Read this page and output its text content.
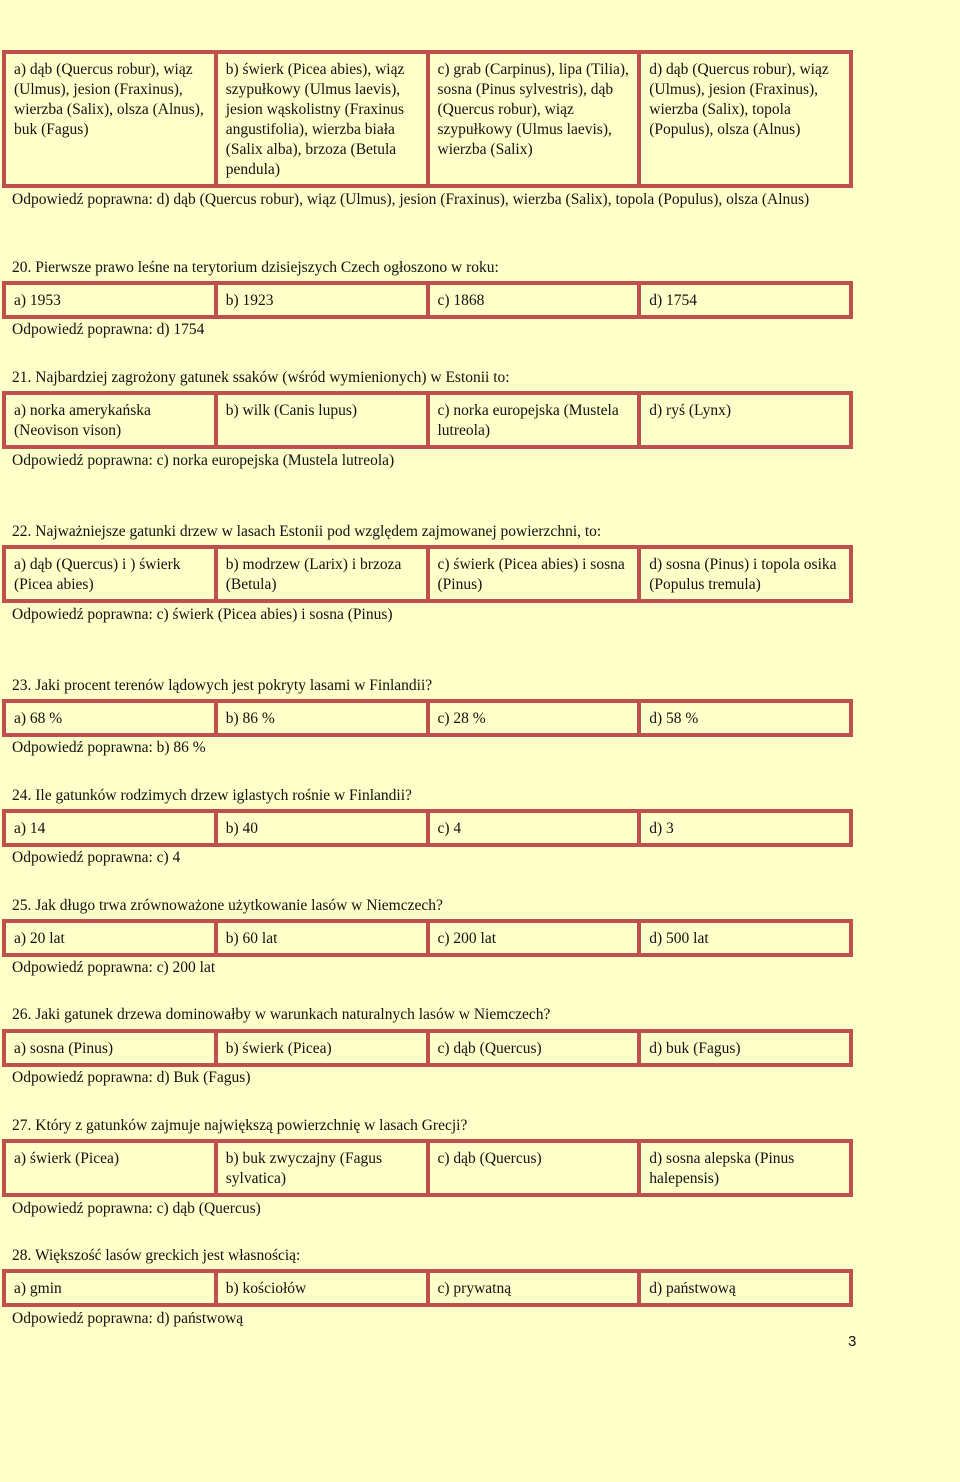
a) dąb (Quercus robur), wiąz (Ulmus), jesion (Fraxinus), wierzba (Salix), olsza (Alnus), buk (Fagus)	b) świerk (Picea abies), wiąz szypułkowy (Ulmus laevis), jesion wąskolistny (Fraxinus angustifolia), wierzba biała (Salix alba), brzoza (Betula pendula)	c) grab (Carpinus), lipa (Tilia), sosna (Pinus sylvestris), dąb (Quercus robur), wiąz szypułkowy (Ulmus laevis), wierzba (Salix)	d) dąb (Quercus robur), wiąz (Ulmus), jesion (Fraxinus), wierzba (Salix), topola (Populus), olsza (Alnus)
Odpowiedź poprawna: d) dąb (Quercus robur), wiąz (Ulmus), jesion (Fraxinus), wierzba (Salix), topola (Populus), olsza (Alnus)
20. Pierwsze prawo leśne na terytorium dzisiejszych Czech ogłoszono w roku:
a) 1953	b) 1923	c) 1868	d) 1754
Odpowiedź poprawna: d) 1754
21. Najbardziej zagrożony gatunek ssaków (wśród wymienionych) w Estonii to:
a) norka amerykańska (Neovison vison)	b) wilk (Canis lupus)	c) norka europejska (Mustela lutreola)	d) ryś (Lynx)
Odpowiedź poprawna: c) norka europejska (Mustela lutreola)
22. Najważniejsze gatunki drzew w lasach Estonii pod względem zajmowanej powierzchni, to:
a) dąb (Quercus) i ) świerk (Picea abies)	b) modrzew (Larix) i brzoza (Betula)	c) świerk (Picea abies) i sosna (Pinus)	d) sosna (Pinus) i topola osika (Populus tremula)
Odpowiedź poprawna: c) świerk (Picea abies) i sosna (Pinus)
23. Jaki procent terenów lądowych jest pokryty lasami w Finlandii?
a) 68 %	b) 86 %	c) 28 %	d) 58 %
Odpowiedź poprawna: b) 86 %
24. Ile gatunków rodzimych drzew iglastych rośnie w Finlandii?
a) 14	b) 40	c) 4	d) 3
Odpowiedź poprawna: c) 4
25. Jak długo trwa zrównoważone użytkowanie lasów w Niemczech?
a) 20 lat	b) 60 lat	c) 200 lat	d) 500 lat
Odpowiedź poprawna: c) 200 lat
26. Jaki gatunek drzewa dominowałby w warunkach naturalnych lasów w Niemczech?
a) sosna (Pinus)	b) świerk (Picea)	c) dąb (Quercus)	d) buk (Fagus)
Odpowiedź poprawna: d) Buk (Fagus)
27. Który z gatunków zajmuje największą powierzchnię w lasach Grecji?
a) świerk (Picea)	b) buk zwyczajny (Fagus sylvatica)	c) dąb (Quercus)	d) sosna alepska (Pinus halepensis)
Odpowiedź poprawna: c) dąb (Quercus)
28. Większość lasów greckich jest własnością:
a) gmin	b) kościołów	c) prywatną	d) państwową
Odpowiedź poprawna: d) państwową
3
